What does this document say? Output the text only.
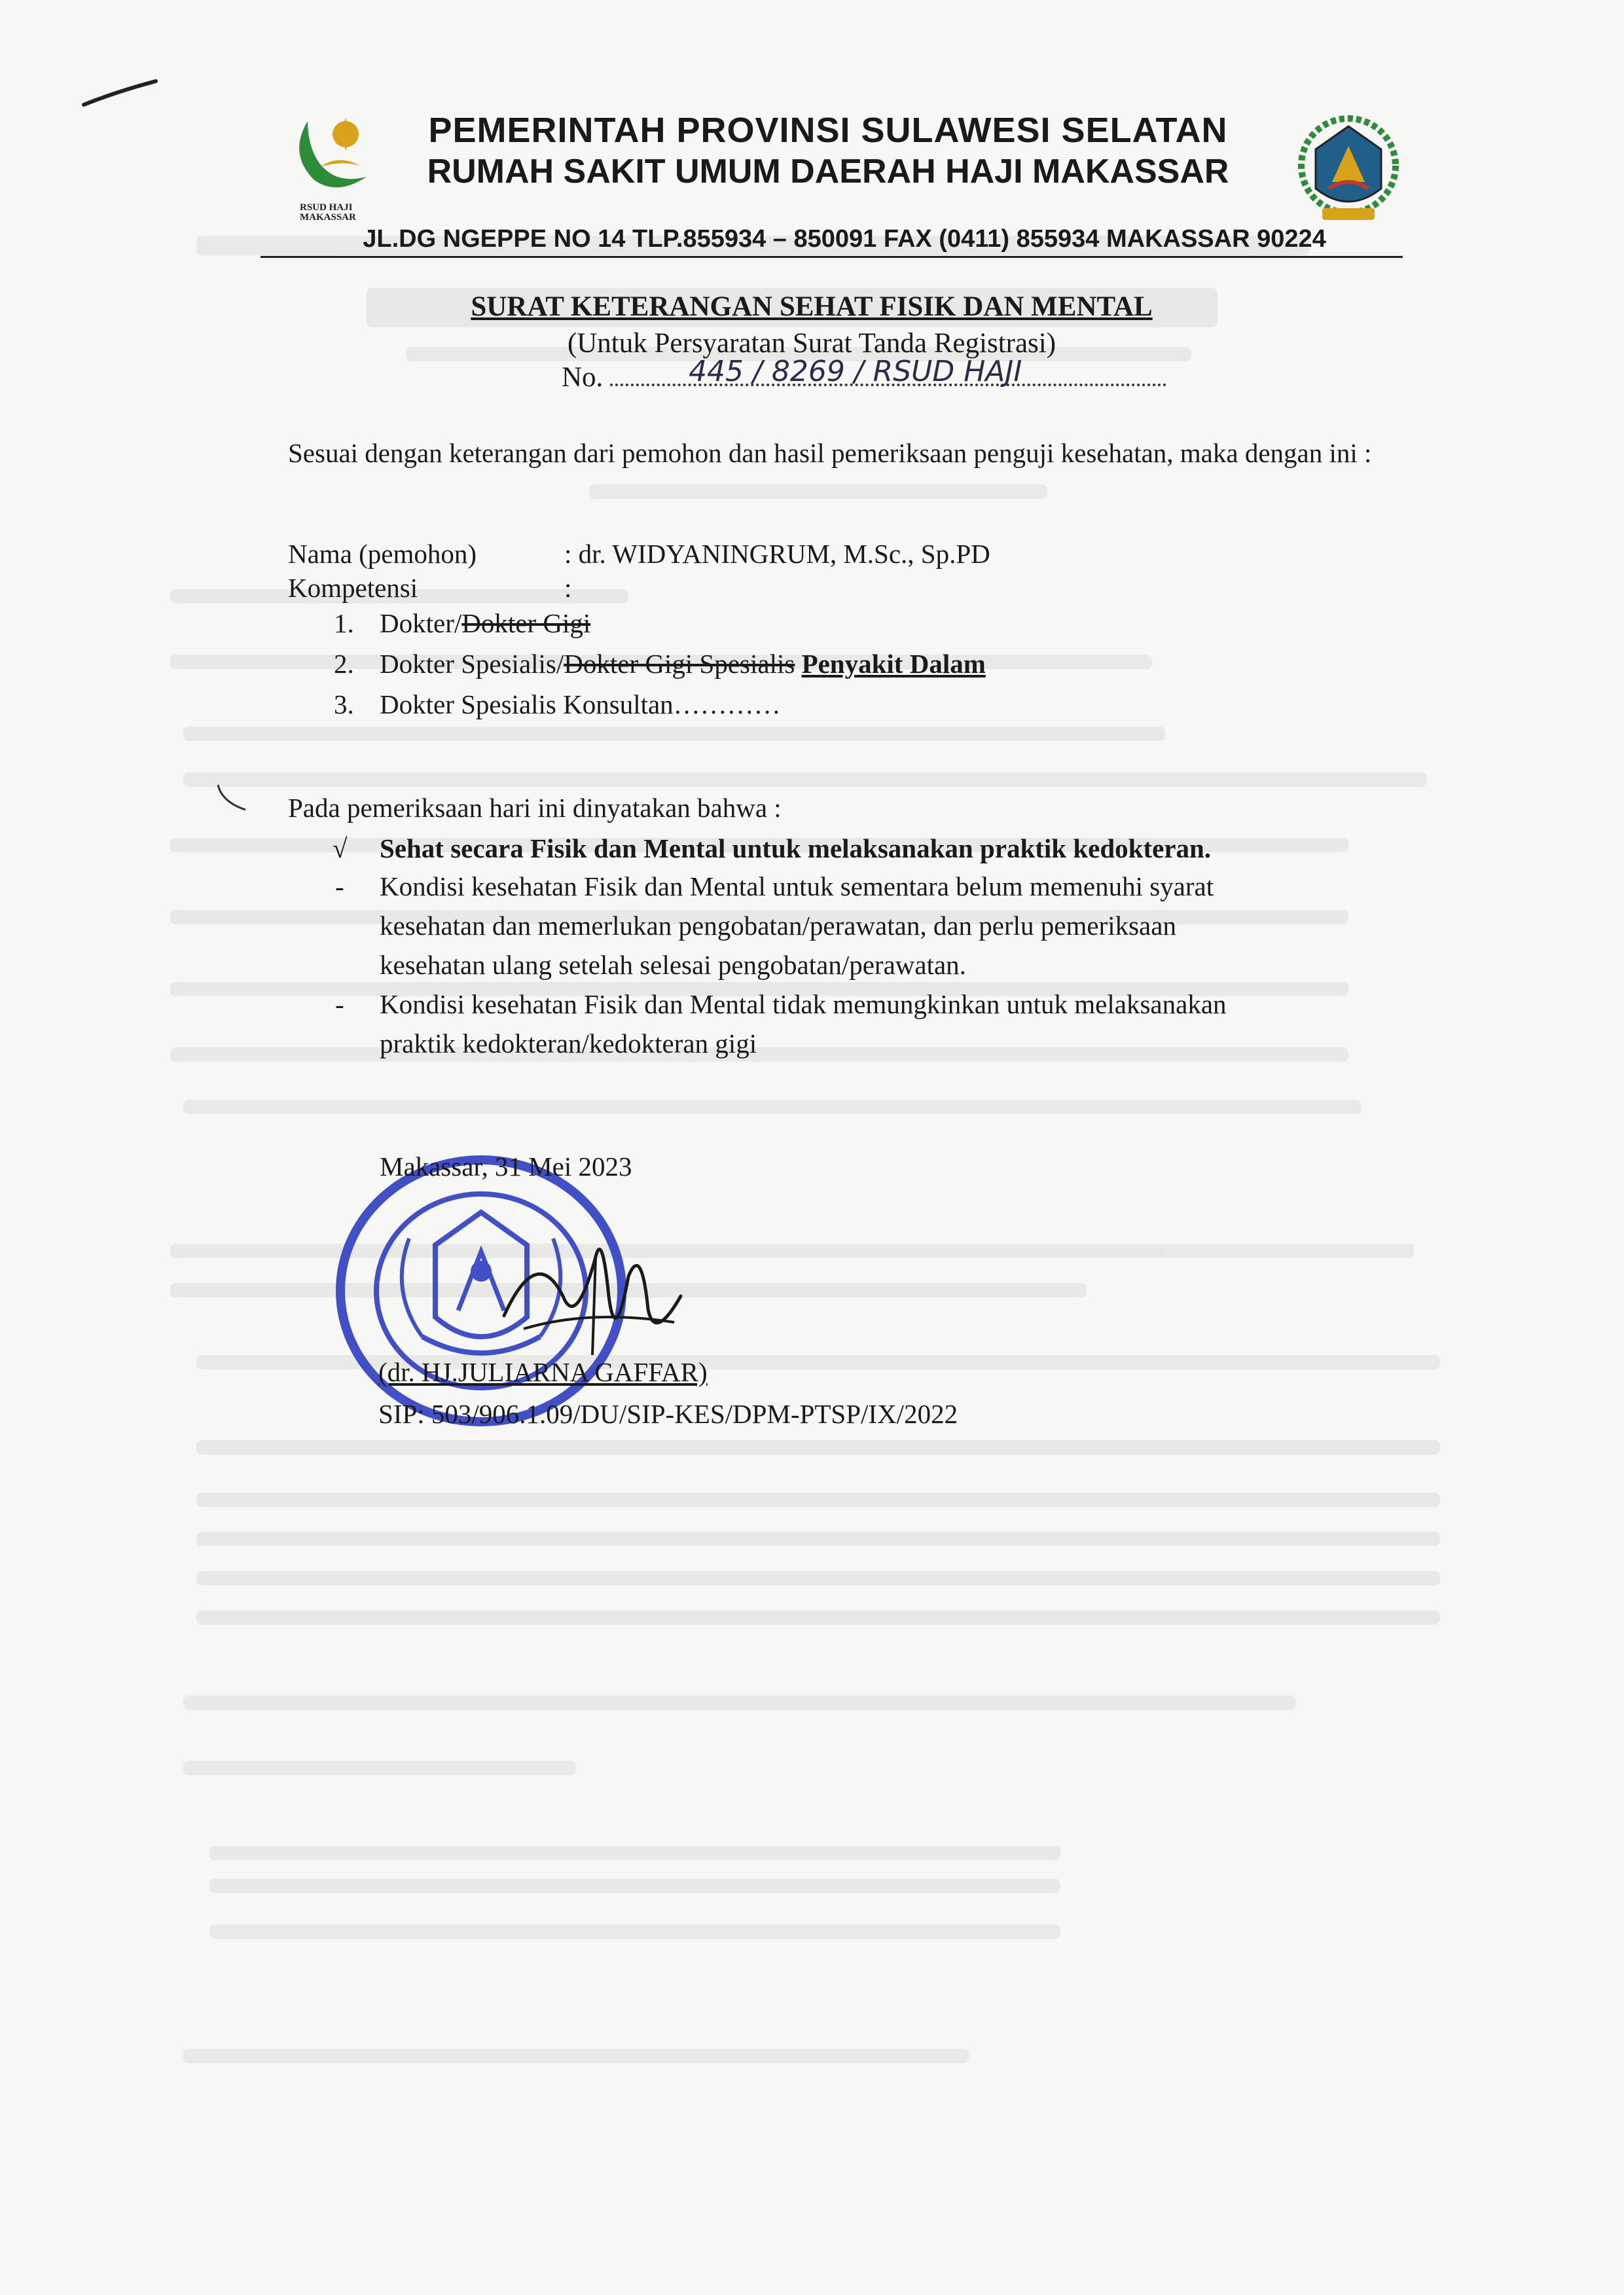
RSUD HAJI MAKASSAR
PEMERINTAH PROVINSI SULAWESI SELATAN
RUMAH SAKIT UMUM DAERAH HAJI MAKASSAR
JL.DG NGEPPE NO 14 TLP.855934 – 850091 FAX (0411) 855934 MAKASSAR 90224
SURAT KETERANGAN SEHAT FISIK DAN MENTAL
(Untuk Persyaratan Surat Tanda Registrasi)
No.	445 / 8269 / RSUD HAJI
Sesuai dengan keterangan dari pemohon dan hasil pemeriksaan penguji kesehatan, maka dengan ini :
Nama (pemohon)	: dr. WIDYANINGRUM, M.Sc., Sp.PD
Kompetensi	:
1. Dokter/Dokter Gigi
2. Dokter Spesialis/Dokter Gigi Spesialis Penyakit Dalam
3. Dokter Spesialis Konsultan…………
Pada pemeriksaan hari ini dinyatakan bahwa :
√ Sehat secara Fisik dan Mental untuk melaksanakan praktik kedokteran.
- Kondisi kesehatan Fisik dan Mental untuk sementara belum memenuhi syarat
kesehatan dan memerlukan pengobatan/perawatan, dan perlu pemeriksaan
kesehatan ulang setelah selesai pengobatan/perawatan.
- Kondisi kesehatan Fisik dan Mental tidak memungkinkan untuk melaksanakan
praktik kedokteran/kedokteran gigi
Makassar, 31 Mei 2023
(dr. HJ.JULIARNA GAFFAR)
SIP: 503/906.1.09/DU/SIP-KES/DPM-PTSP/IX/2022
